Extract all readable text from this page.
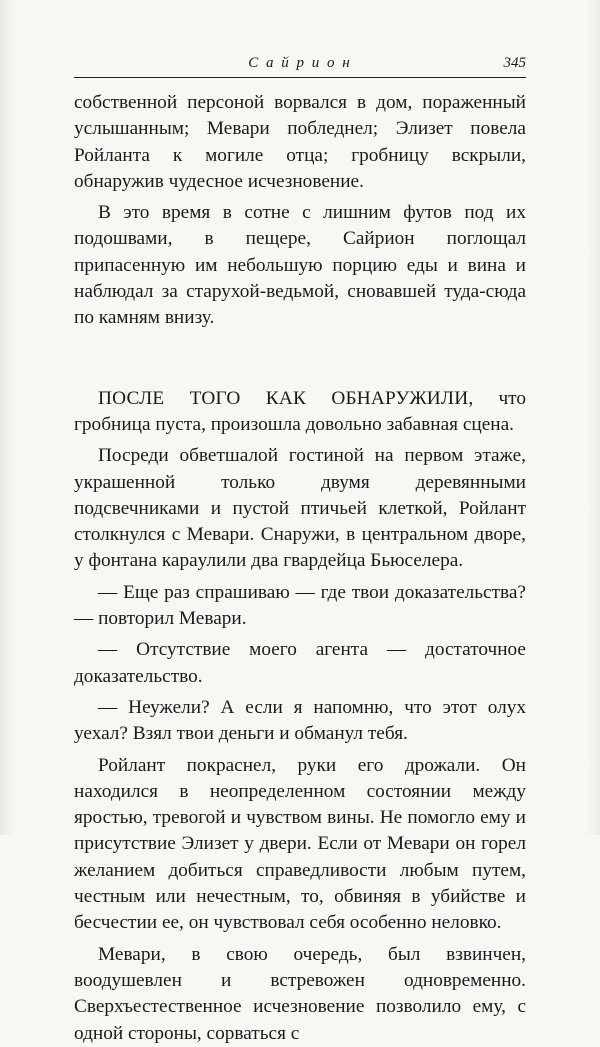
С а й р и о н	345

собственной персоной ворвался в дом, пораженный услышанным; Мевари побледнел; Элизет повела Ройланта к могиле отца; гробницу вскрыли, обнаружив чудесное исчезновение.

В это время в сотне с лишним футов под их подошвами, в пещере, Сайрион поглощал припасенную им небольшую порцию еды и вина и наблюдал за старухой-ведьмой, сновавшей туда-сюда по камням внизу.

ПОСЛЕ ТОГО КАК ОБНАРУЖИЛИ, что гробница пуста, произошла довольно забавная сцена.

Посреди обветшалой гостиной на первом этаже, украшенной только двумя деревянными подсвечниками и пустой птичьей клеткой, Ройлант столкнулся с Мевари. Снаружи, в центральном дворе, у фонтана карaулили два гвардейца Бьюселера.

— Еще раз спрашиваю — где твои доказательства? — повторил Мевари.

— Отсутствие моего агента — достаточное доказательство.

— Неужели? А если я напомню, что этот олух уехал? Взял твои деньги и обманул тебя.

Ройлант покраснел, руки его дрожали. Он находился в неопределенном состоянии между яростью, тревогой и чувством вины. Не помогло ему и присутствие Элизет у двери. Если от Мевари он горел желанием добиться справедливости любым путем, честным или нечестным, то, обвиняя в убийстве и бесчестии ее, он чувствовал себя особенно неловко.

Мевари, в свою очередь, был взвинчен, воодушевлен и встревожен одновременно. Сверхъестественное исчезновение позволило ему, с одной стороны, сорваться с
